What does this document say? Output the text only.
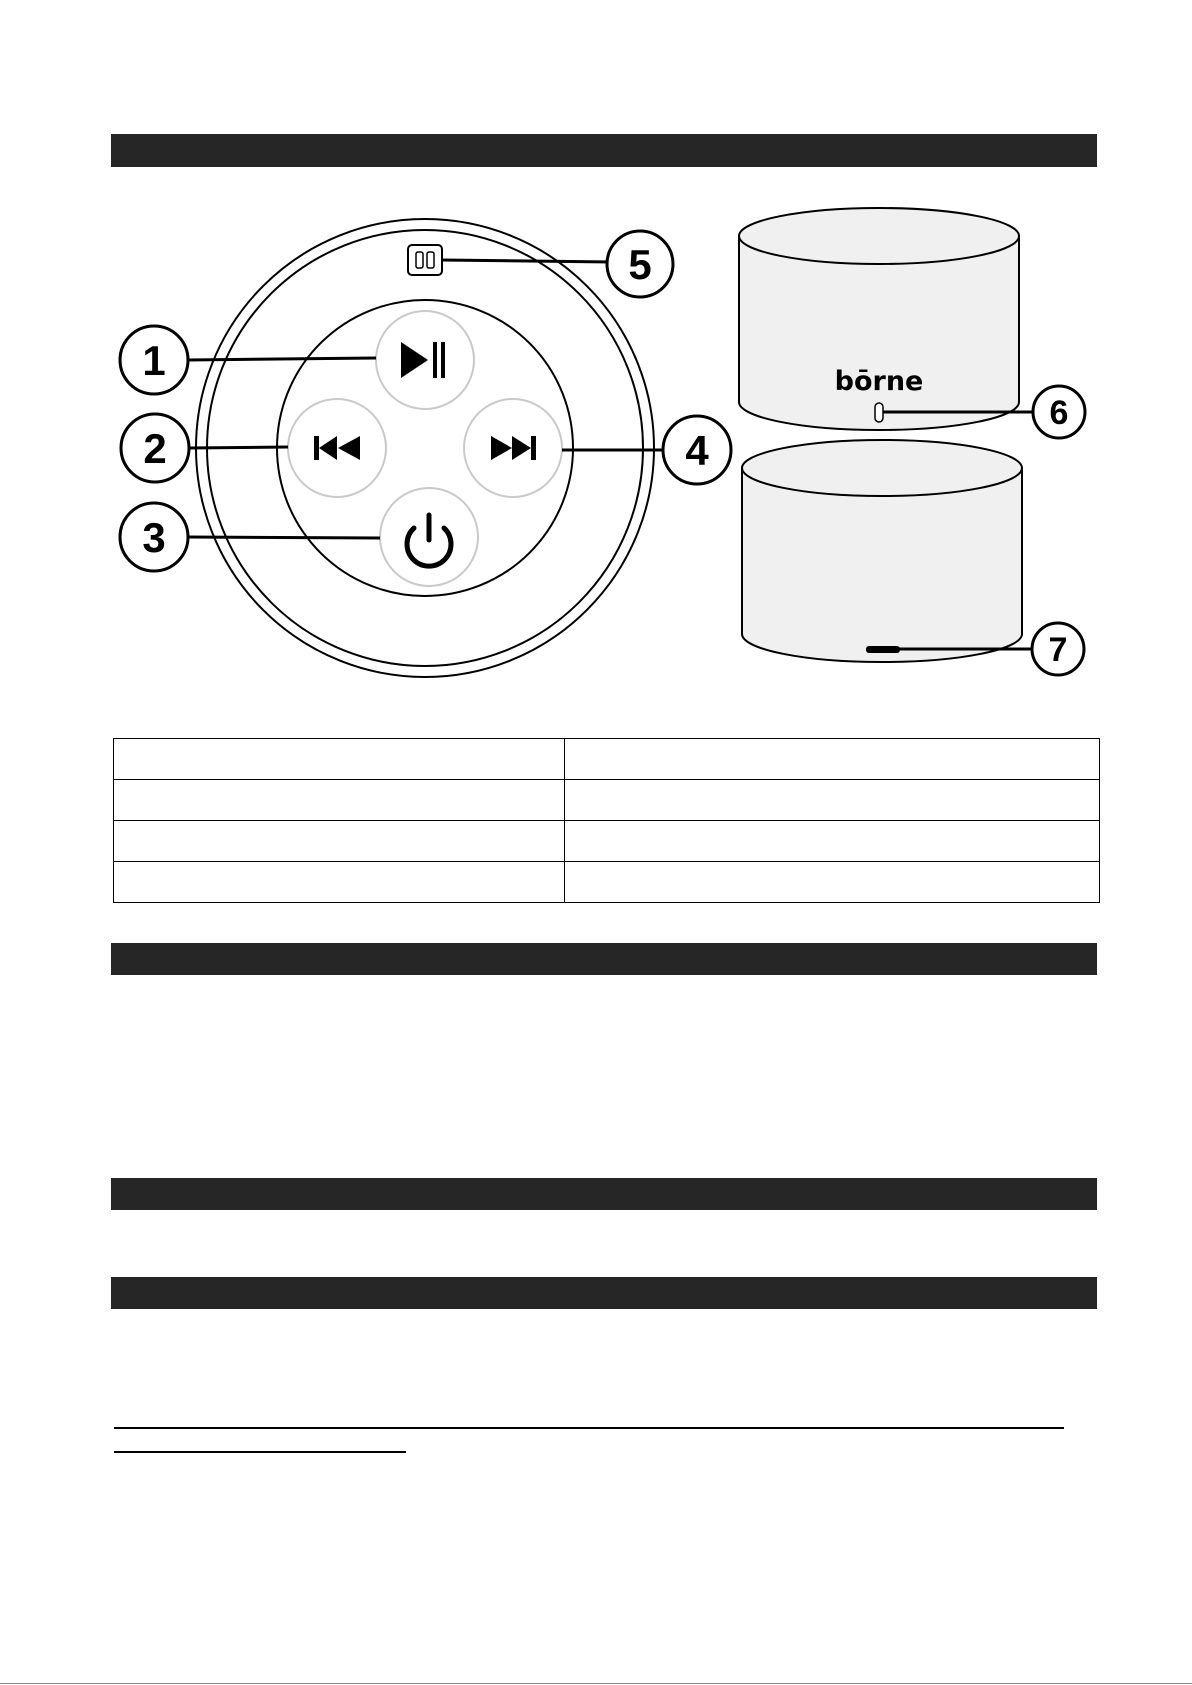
bōrne
1
2
3
4
5
6
7
